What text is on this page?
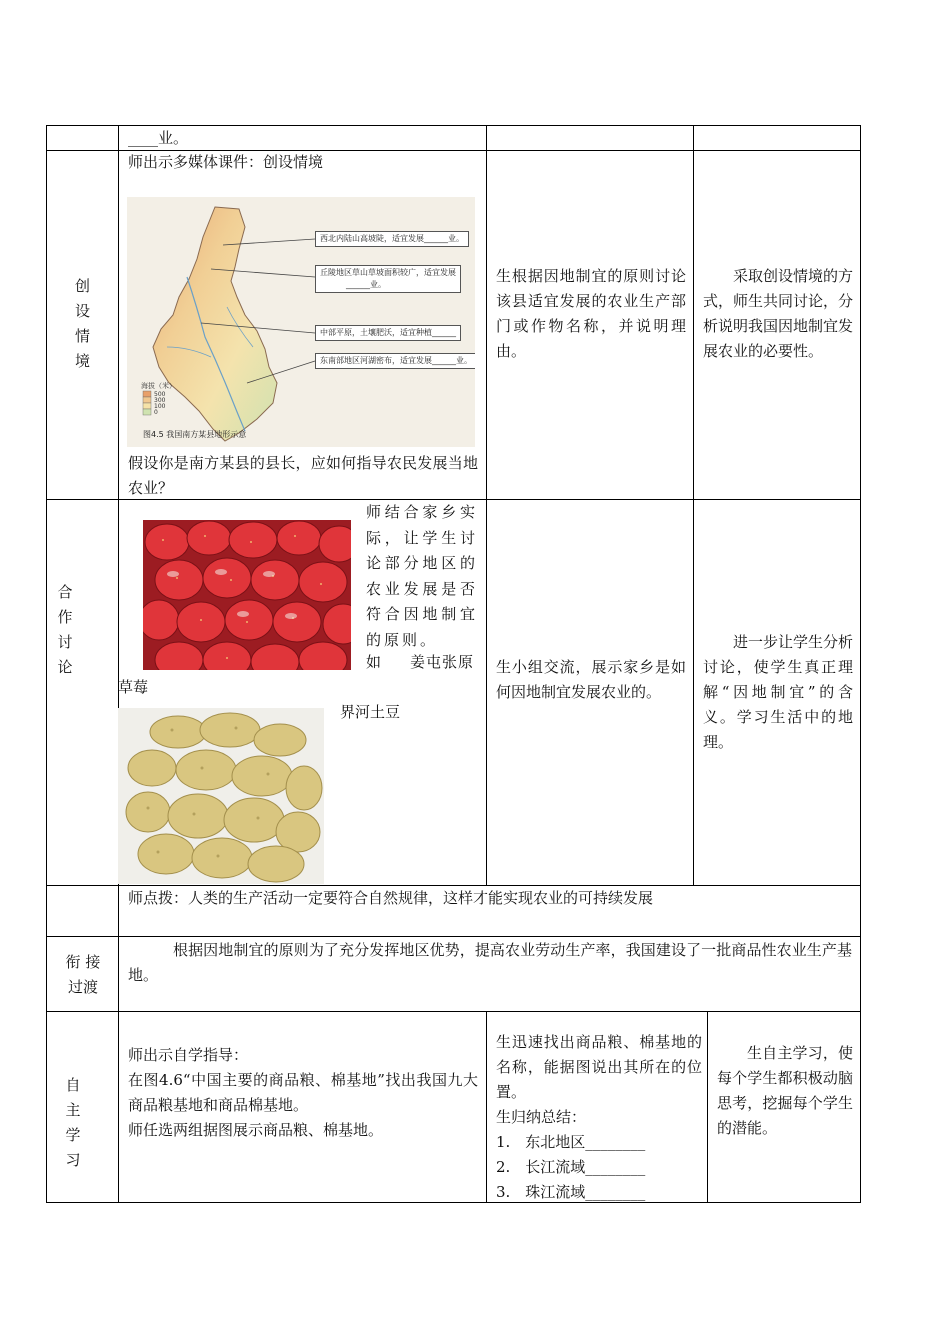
____业。
创
设
情
境
师出示多媒体课件：创设情境
西北内陆山高坡陡，适宜发展______业。
丘陵地区草山草坡面积较广，适宜发展
______业。
中部平原，土壤肥沃，适宜种植______
东南部地区河湖密布，适宜发展______业。
海拔（米）
500
300
100
0
图4.5 我国南方某县地形示意
假设你是南方某县的县长，应如何指导农民发展当地农业？
生根据因地制宜的原则讨论该县适宜发展的农业生产部门或作物名称，并说明理由。
采取创设情境的方式，师生共同讨论，分析说明我国因地制宜发展农业的必要性。
合
作
讨
论
师结合家乡实际，让学生讨论部分地区的农业发展是否符合因地制宜的原则。
如 姜屯张原
草莓
界河土豆
生小组交流，展示家乡是如何因地制宜发展农业的。
进一步让学生分析讨论，使学生真正理解“因地制宜”的含义。学习生活中的地理。
师点拨：人类的生产活动一定要符合自然规律，这样才能实现农业的可持续发展
衔 接
过渡
根据因地制宜的原则为了充分发挥地区优势，提高农业劳动生产率，我国建设了一批商品性农业生产基地。
自
主
学
习
师出示自学指导：
在图4.6“中国主要的商品粮、棉基地”找出我国九大商品粮基地和商品棉基地。
师任选两组据图展示商品粮、棉基地。
生迅速找出商品粮、棉基地的名称，能据图说出其所在的位置。
生归纳总结：
1.　东北地区________
2.　长江流域________
3.　珠江流域________
生自主学习，使每个学生都积极动脑思考，挖掘每个学生的潜能。
